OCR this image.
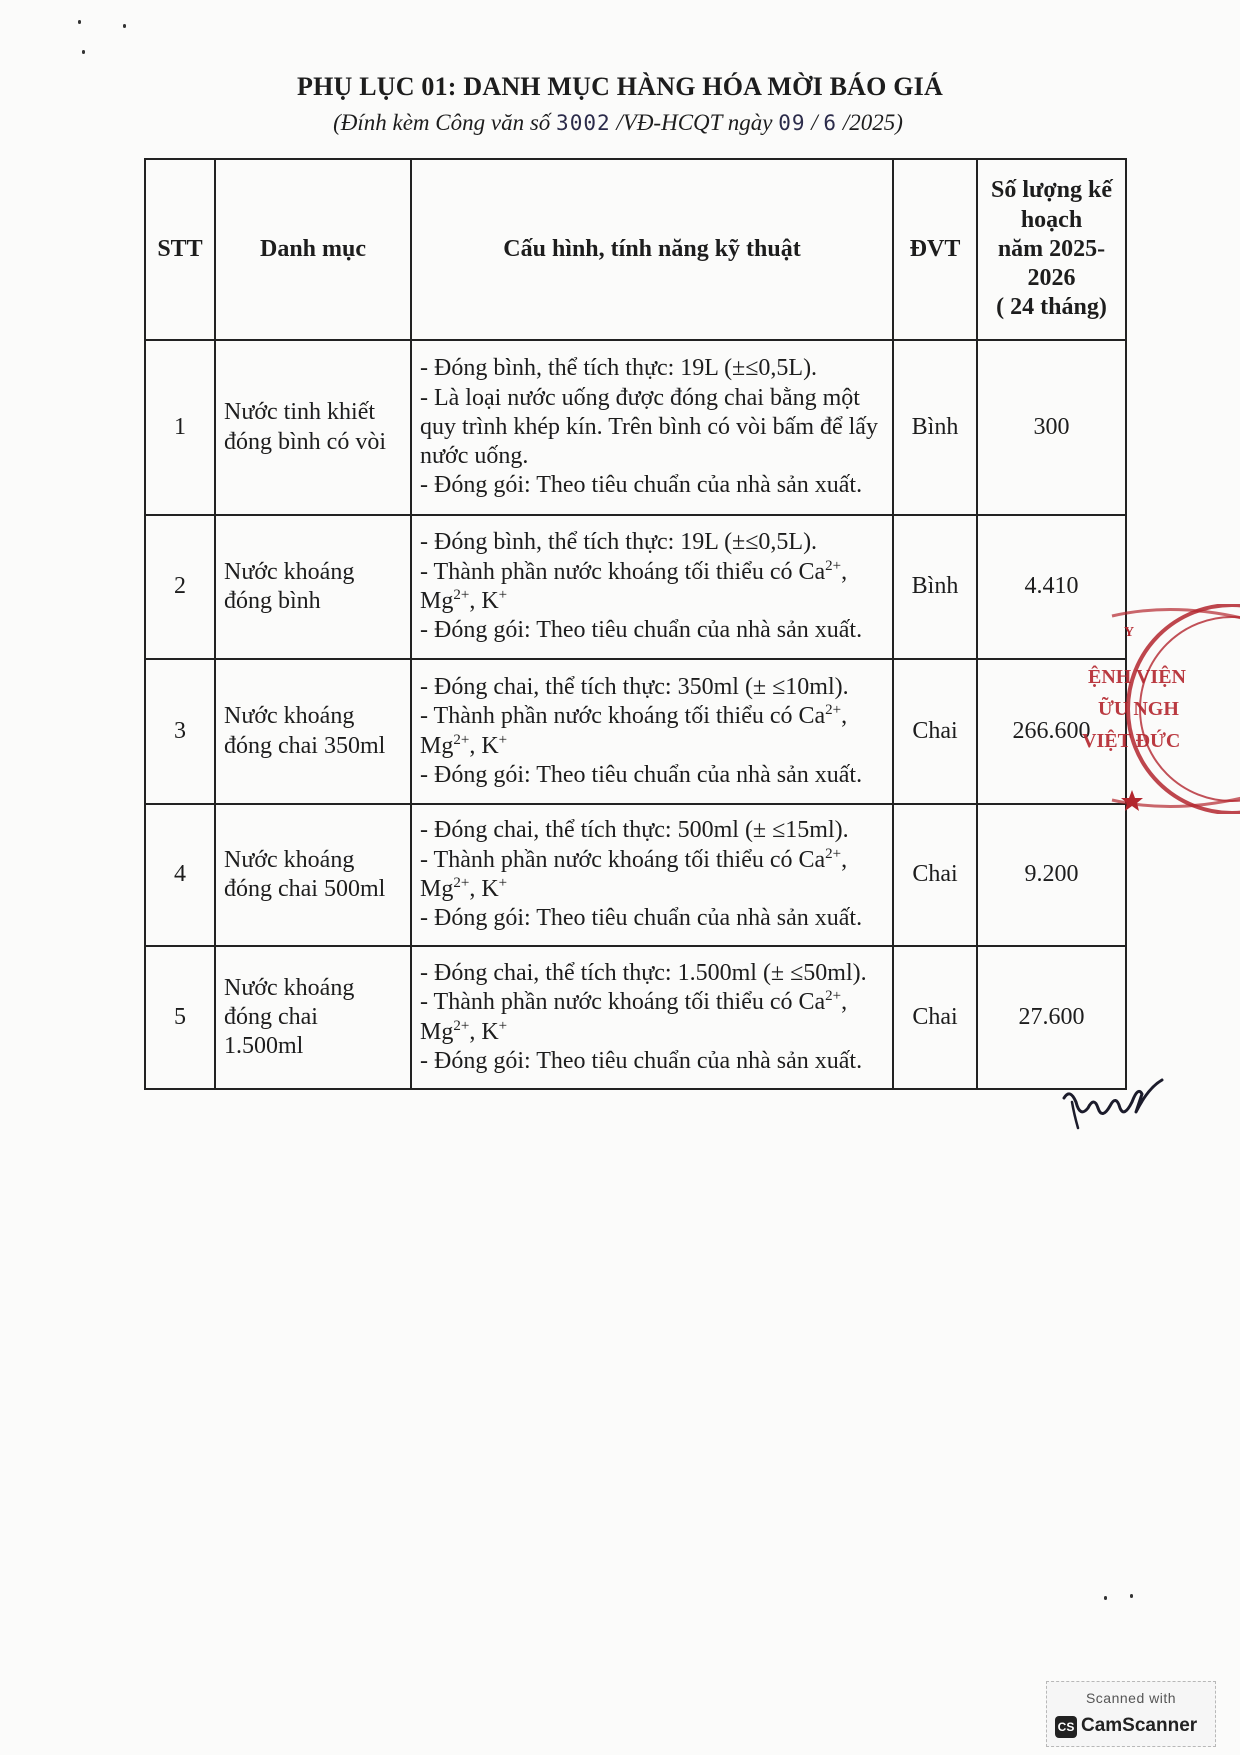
PHỤ LỤC 01: DANH MỤC HÀNG HÓA MỜI BÁO GIÁ
(Đính kèm Công văn số 3002 /VĐ-HCQT ngày 09 / 6 /2025)
STT	Danh mục	Cấu hình, tính năng kỹ thuật	ĐVT	Số lượng kế
hoạch
năm 2025-
2026
( 24 tháng)

1	Nước tinh khiết đóng bình có vòi	- Đóng bình, thể tích thực: 19L (±≤0,5L).
- Là loại nước uống được đóng chai bằng một quy trình khép kín. Trên bình có vòi bấm để lấy nước uống.
- Đóng gói: Theo tiêu chuẩn của nhà sản xuất.	Bình	300
2	Nước khoáng đóng bình	- Đóng bình, thể tích thực: 19L (±≤0,5L).
- Thành phần nước khoáng tối thiểu có $Ca^{2+}$, $Mg^{2+}$, K+
- Đóng gói: Theo tiêu chuẩn của nhà sản xuất.	Bình	4.410
3	Nước khoáng đóng chai 350ml	- Đóng chai, thể tích thực: 350ml (± ≤10ml).
- Thành phần nước khoáng tối thiểu có $Ca^{2+}$, $Mg^{2+}$, K+
- Đóng gói: Theo tiêu chuẩn của nhà sản xuất.	Chai	266.600
4	Nước khoáng đóng chai 500ml	- Đóng chai, thể tích thực: 500ml (± ≤15ml).
- Thành phần nước khoáng tối thiểu có $Ca^{2+}$, $Mg^{2+}$, K+
- Đóng gói: Theo tiêu chuẩn của nhà sản xuất.	Chai	9.200
5	Nước khoáng đóng chai 1.500ml	- Đóng chai, thể tích thực: 1.500ml (± ≤50ml).
- Thành phần nước khoáng tối thiểu có $Ca^{2+}$, $Mg^{2+}$, K+
- Đóng gói: Theo tiêu chuẩn của nhà sản xuất.	Chai	27.600
Y
ỆNH VIỆN
ỮU NGH
VIỆT ĐỨC
Scanned with
CS CamScanner
